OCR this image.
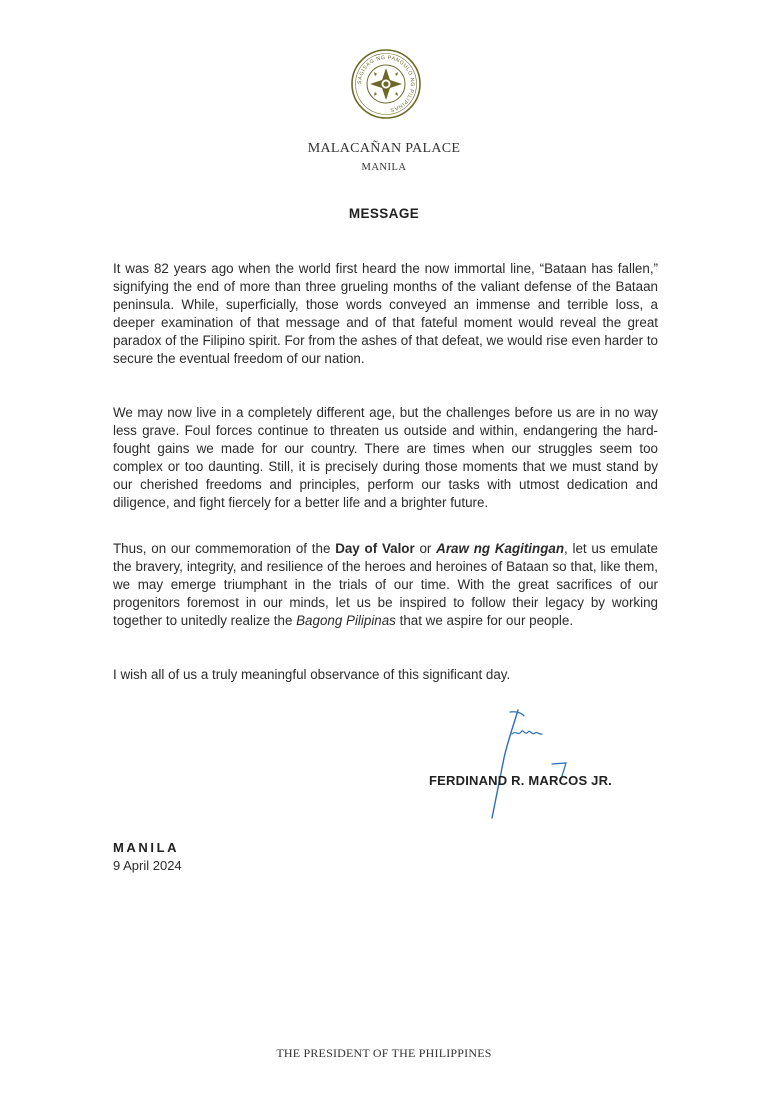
SAGISAG NG PANGULO NG PILIPINAS
MALACAÑAN PALACE
MANILA
MESSAGE

It was 82 years ago when the world first heard the now immortal line, “Bataan has fallen,” signifying the end of more than three grueling months of the valiant defense of the Bataan peninsula. While, superficially, those words conveyed an immense and terrible loss, a deeper examination of that message and of that fateful moment would reveal the great paradox of the Filipino spirit. For from the ashes of that defeat, we would rise even harder to secure the eventual freedom of our nation.

We may now live in a completely different age, but the challenges before us are in no way less grave. Foul forces continue to threaten us outside and within, endangering the hard-fought gains we made for our country. There are times when our struggles seem too complex or too daunting. Still, it is precisely during those moments that we must stand by our cherished freedoms and principles, perform our tasks with utmost dedication and diligence, and fight fiercely for a better life and a brighter future.

Thus, on our commemoration of the Day of Valor or Araw ng Kagitingan, let us emulate the bravery, integrity, and resilience of the heroes and heroines of Bataan so that, like them, we may emerge triumphant in the trials of our time. With the great sacrifices of our progenitors foremost in our minds, let us be inspired to follow their legacy by working together to unitedly realize the Bagong Pilipinas that we aspire for our people.

I wish all of us a truly meaningful observance of this significant day.

FERDINAND R. MARCOS JR.
MANILA
9 April 2024
THE PRESIDENT OF THE PHILIPPINES
